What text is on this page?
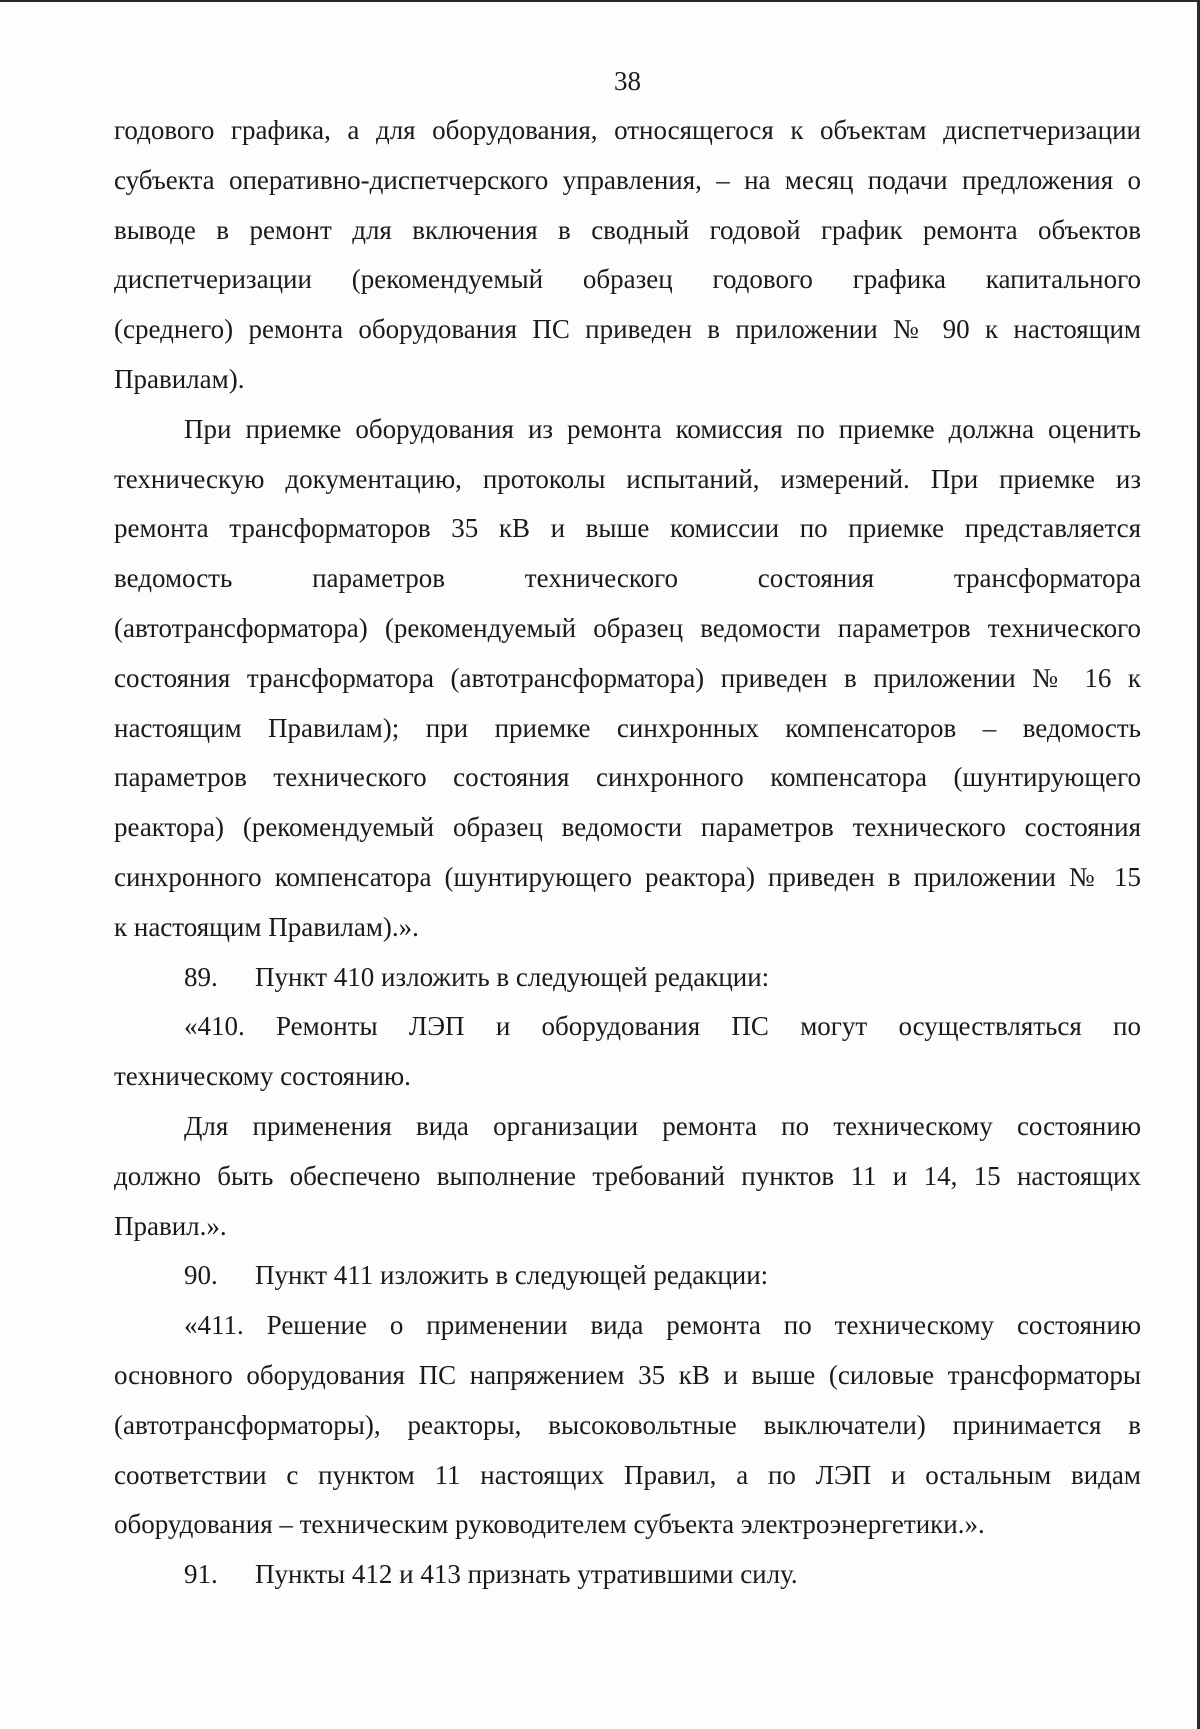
38
годового графика, а для оборудования, относящегося к объектам диспетчеризации
субъекта оперативно-диспетчерского управления, – на месяц подачи предложения о
выводе в ремонт для включения в сводный годовой график ремонта объектов
диспетчеризации (рекомендуемый образец годового графика капитального
(среднего) ремонта оборудования ПС приведен в приложении № 90 к настоящим
Правилам).
При приемке оборудования из ремонта комиссия по приемке должна оценить
техническую документацию, протоколы испытаний, измерений. При приемке из
ремонта трансформаторов 35 кВ и выше комиссии по приемке представляется
ведомость параметров технического состояния трансформатора
(автотрансформатора) (рекомендуемый образец ведомости параметров технического
состояния трансформатора (автотрансформатора) приведен в приложении № 16 к
настоящим Правилам); при приемке синхронных компенсаторов – ведомость
параметров технического состояния синхронного компенсатора (шунтирующего
реактора) (рекомендуемый образец ведомости параметров технического состояния
синхронного компенсатора (шунтирующего реактора) приведен в приложении № 15
к настоящим Правилам).».
89. Пункт 410 изложить в следующей редакции:
«410. Ремонты ЛЭП и оборудования ПС могут осуществляться по
техническому состоянию.
Для применения вида организации ремонта по техническому состоянию
должно быть обеспечено выполнение требований пунктов 11 и 14, 15 настоящих
Правил.».
90. Пункт 411 изложить в следующей редакции:
«411. Решение о применении вида ремонта по техническому состоянию
основного оборудования ПС напряжением 35 кВ и выше (силовые трансформаторы
(автотрансформаторы), реакторы, высоковольтные выключатели) принимается в
соответствии с пунктом 11 настоящих Правил, а по ЛЭП и остальным видам
оборудования – техническим руководителем субъекта электроэнергетики.».
91. Пункты 412 и 413 признать утратившими силу.
